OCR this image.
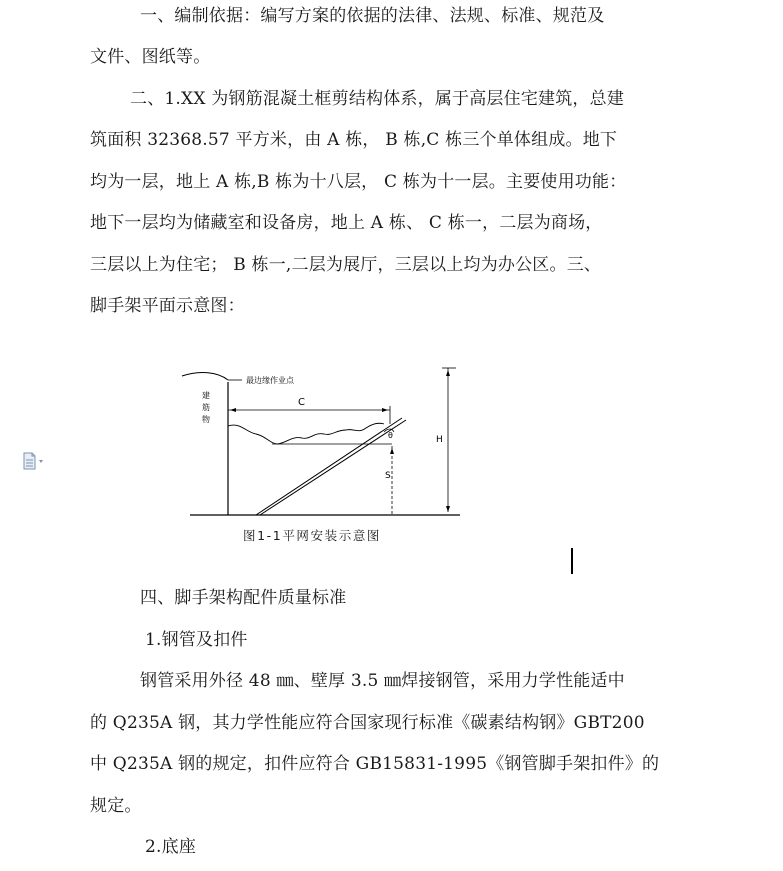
一、编制依据：编写方案的依据的法律、法规、标准、规范及
文件、图纸等。
二、1.XX 为钢筋混凝土框剪结构体系，属于高层住宅建筑，总建
筑面积 32368.57 平方米，由 A 栋， B 栋,C 栋三个单体组成。地下
均为一层，地上 A 栋,B 栋为十八层， C 栋为十一层。主要使用功能：
地下一层均为储藏室和设备房，地上 A 栋、 C 栋一，二层为商场，
三层以上为住宅； B 栋一,二层为展厅，三层以上均为办公区。三、
脚手架平面示意图：
最边缘作业点
建
筋
物
C
θ
S
H
图1-1平网安装示意图
四、脚手架构配件质量标准
1.钢管及扣件
钢管采用外径 48 ㎜、壁厚 3.5 ㎜焊接钢管，采用力学性能适中
的 Q235A 钢，其力学性能应符合国家现行标准《碳素结构钢》GBT200
中 Q235A 钢的规定，扣件应符合 GB15831-1995《钢管脚手架扣件》的
规定。
2.底座
